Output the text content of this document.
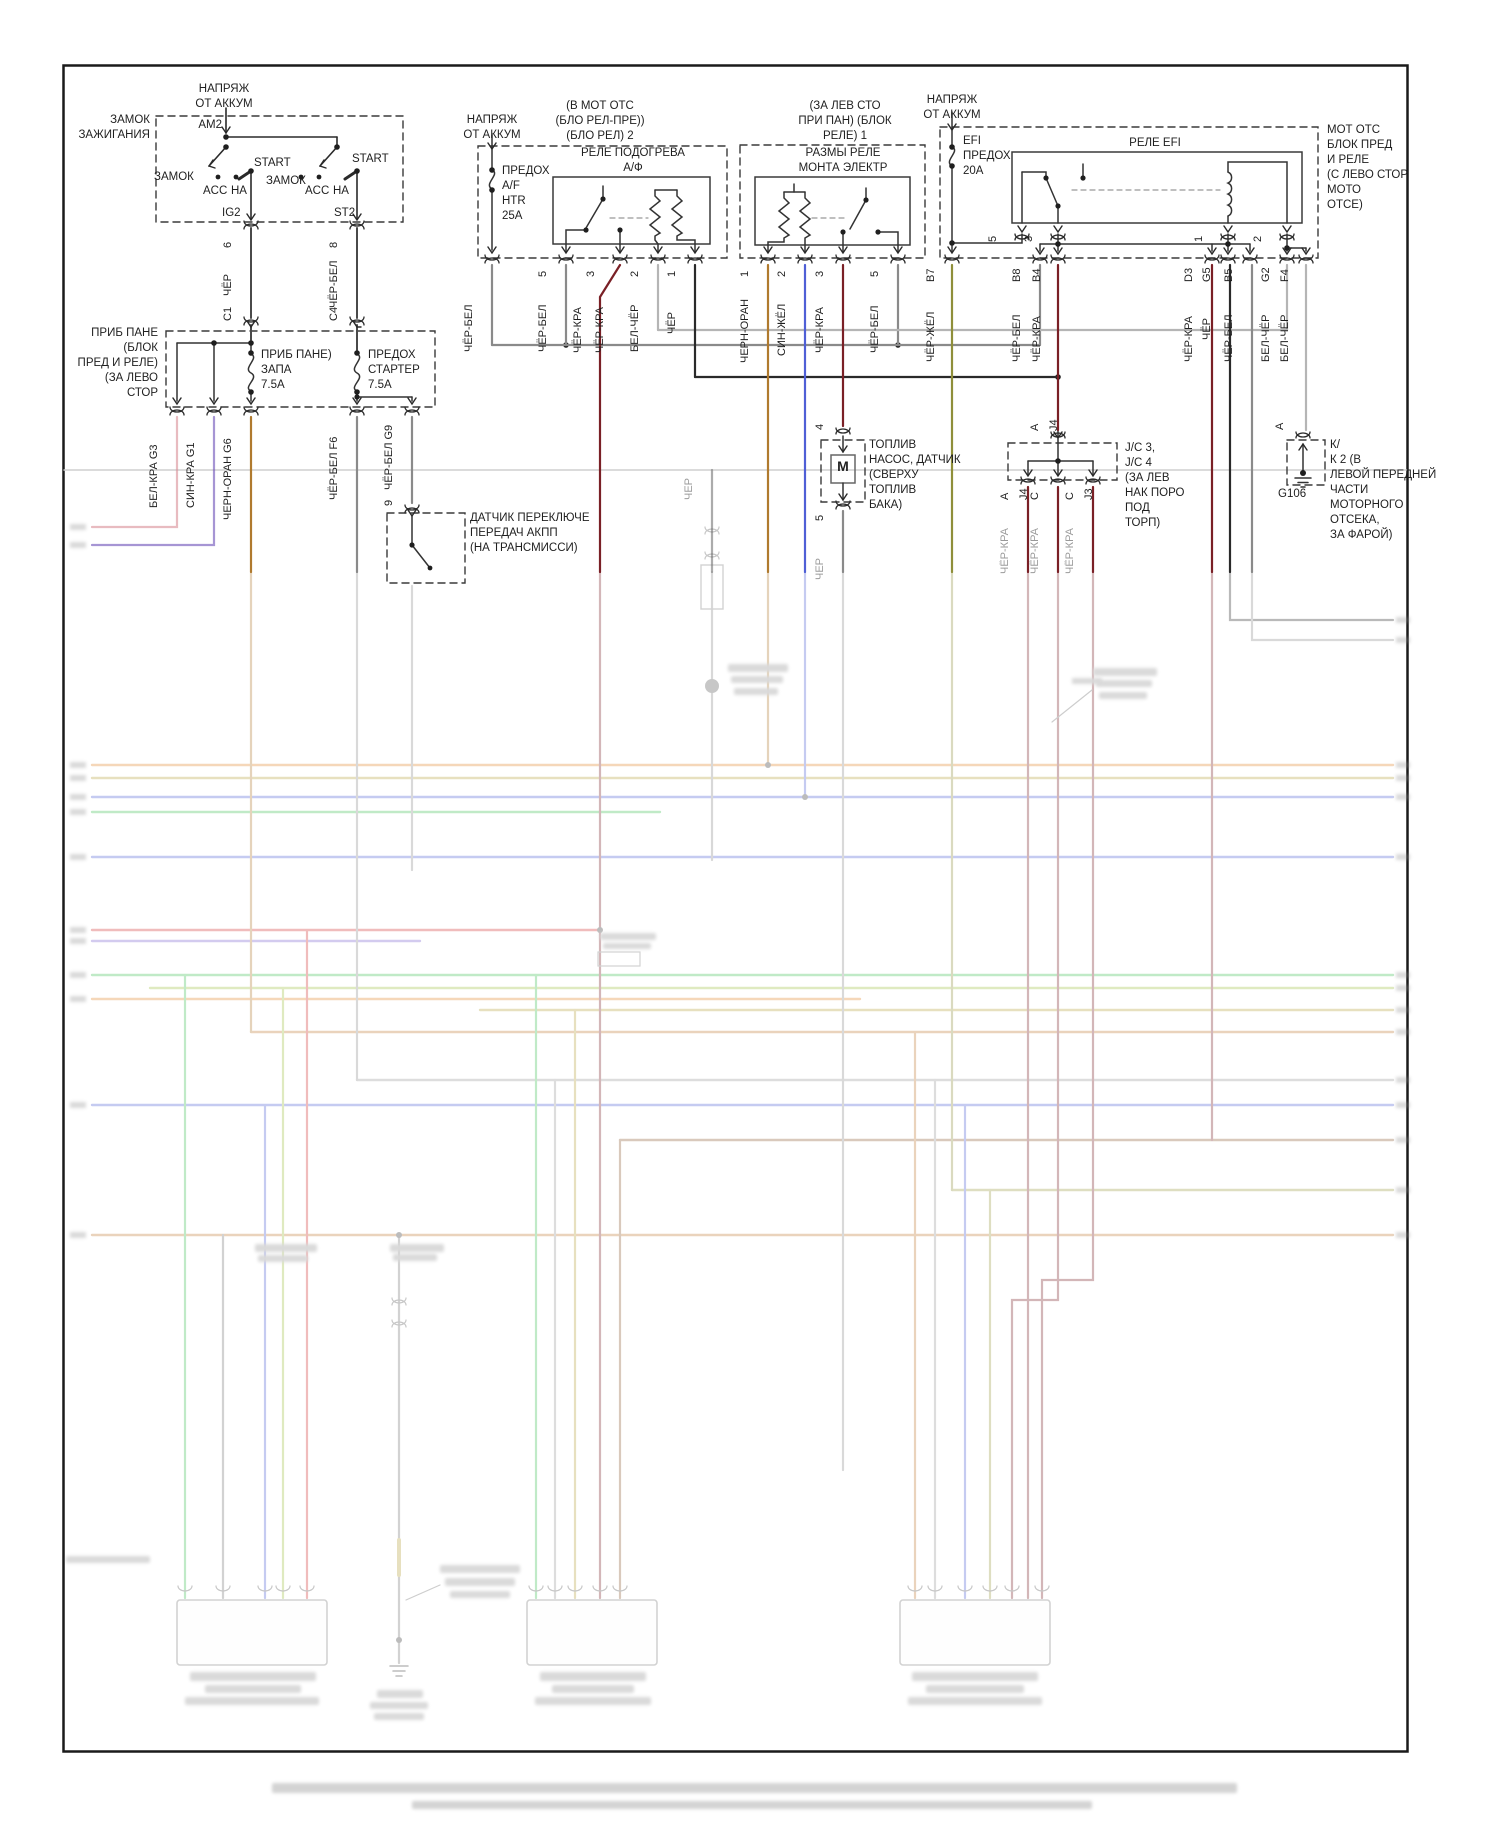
НАПРЯЖ
ОТ АККУМ
ЗАМОК
ЗАЖИГАНИЯ
AM2
ЗАМОК
ACC НА
START
ЗАМОК
ACC НА
START
IG2	ST2
ПРИБ ПАНЕ
(БЛОК
ПРЕД И РЕЛЕ)
(ЗА ЛЕВО
СТОР
ПРИБ ПАНЕ)
ЗАПА
7.5A
ПРЕДОХ
СТАРТЕР
7.5A
(В МОТ ОТС
(БЛО РЕЛ-ПРЕ))
(БЛО РЕЛ) 2
НАПРЯЖ
ОТ АККУМ
ПРЕДОХ
A/F
HTR
25A
РЕЛЕ ПОДОГРЕВА
А/Ф
(ЗА ЛЕВ СТО
ПРИ ПАН) (БЛОК
РЕЛЕ) 1
РАЗМЫ РЕЛЕ
МОНТА ЭЛЕКТР
НАПРЯЖ
ОТ АККУМ
EFI
ПРЕДОХ
20A
РЕЛЕ EFI
МОТ ОТС
БЛОК ПРЕД
И РЕЛЕ
(С ЛЕВО СТОР
МОТО
ОТСЕ)
ТОПЛИВ
НАСОС, ДАТЧИК
(СВЕРХУ
ТОПЛИВ
БАКА)
M
J/C 3,
J/C 4
(ЗА ЛЕВ
НАК ПОРО
ПОД
ТОРП)
К/
К 2 (В
ЛЕВОЙ ПЕРЕДНЕЙ
ЧАСТИ
МОТОРНОГО
ОТСЕКА,
ЗА ФАРОЙ)
G106
ДАТЧИК ПЕРЕКЛЮЧЕ
ПЕРЕДАЧ АКПП
(НА ТРАНСМИССИ)
6
ЧЁР
C1
8
ЧЁР-БЕЛ
C4
БЕЛ-КРА G3 СИН-КРА G1 ЧЕРН-ОРАН G6	ЧЁР-БЕЛ F6	ЧЁР-БЕЛ G9
9
ЧЁР-БЕЛ
5
ЧЁР-БЕЛ
3
ЧЁР-КРА ЧЁР-КРА
2
БЕЛ-ЧЁР
1
ЧЁР
1
ЧЕРН-ОРАН
2
СИН-ЖЁЛ
3
ЧЁР-КРА
5
ЧЁР-БЕЛ
B7
ЧЁР-ЖЁЛ
5 3	1	2
B8
ЧЁР-БЕЛ
B4
ЧЁР-КРА
D3
ЧЁР-КРА
G5
ЧЁР
B5
ЧЁР-БЕЛ
G2
БЕЛ-ЧЁР
F4
БЕЛ-ЧЁР
4
5
ЧЕР
ЧЕР
А J4
А J4 С С J3
ЧЁР-КРА ЧЁР-КРА ЧЁР-КРА
А
